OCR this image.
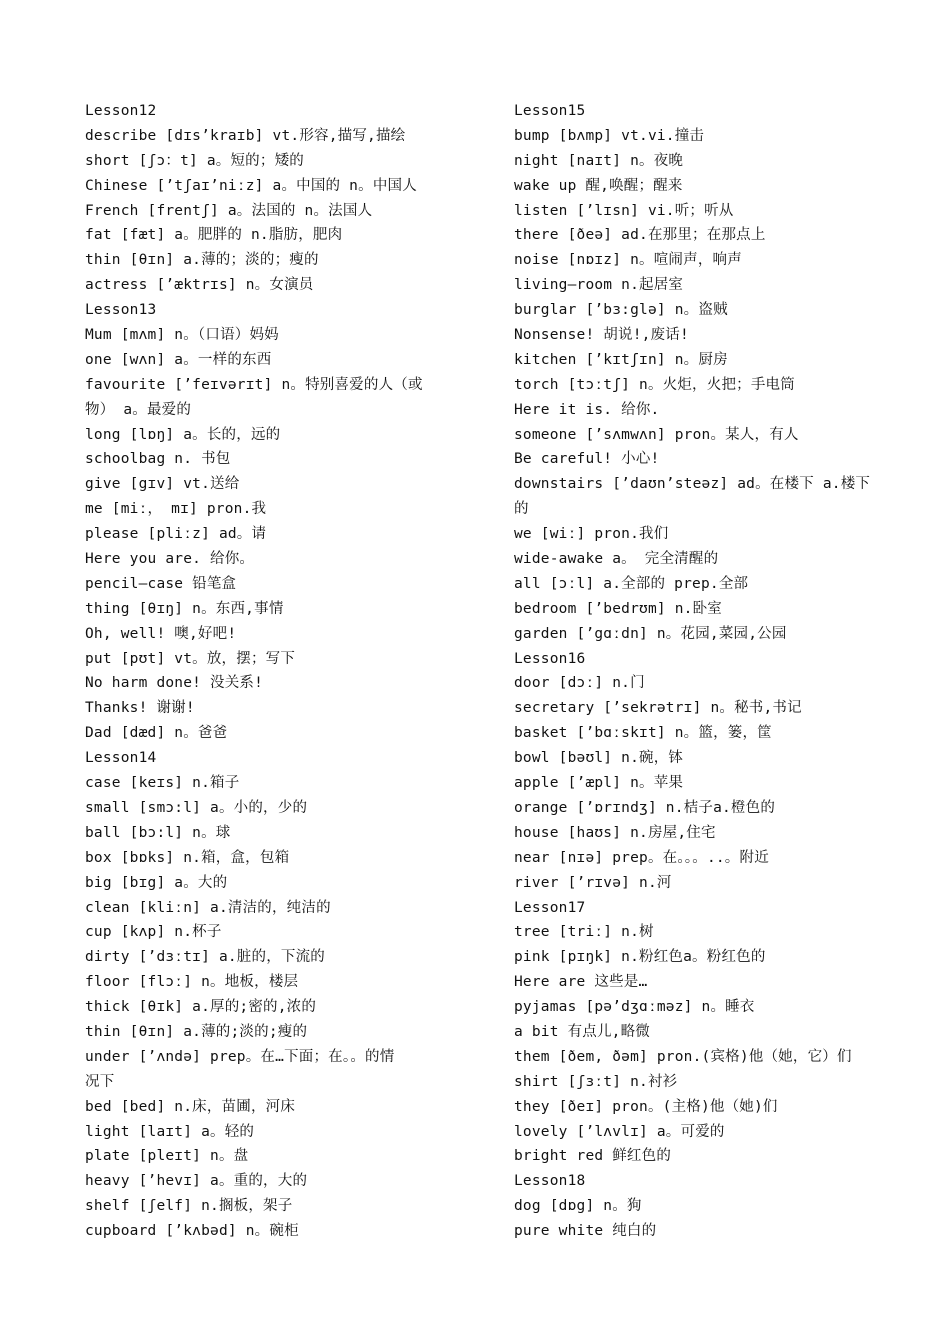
Lesson12
describe [dɪs’kraɪb] vt.形容,描写,描绘
short [ʃɔ：t] a。短的；矮的
Chinese [’tʃaɪ’niːz] a。中国的 n。中国人
French [frentʃ] a。法国的 n。法国人
fat [fæt] a。肥胖的 n.脂肪，肥肉
thin [θɪn] a.薄的；淡的；瘦的
actress [’æktrɪs] n。女演员
Lesson13
Mum [mʌm] n。（口语）妈妈
one [wʌn] a。一样的东西
favourite [’feɪvərɪt] n。特别喜爱的人（或
物） a。最爱的
long [lɒŋ] a。长的，远的
schoolbag n. 书包
give [gɪv] vt.送给
me [miː， mɪ] pron.我
please [pliːz] ad。请
Here you are. 给你。
pencil—case 铅笔盒
thing [θɪŋ] n。东西,事情
Oh, well! 噢,好吧!
put [pʊt] vt。放，摆；写下
No harm done! 没关系!
Thanks! 谢谢!
Dad [dæd] n。爸爸
Lesson14
case [keɪs] n.箱子
small [smɔ:l] a。小的，少的
ball [bɔ:l] n。球
box [bɒks] n.箱，盒，包箱
big [bɪg] a。大的
clean [kliːn] a.清洁的，纯洁的
cup [kʌp] n.杯子
dirty [’dɜːtɪ] a.脏的，下流的
floor [flɔː] n。地板，楼层
thick [θɪk] a.厚的;密的,浓的
thin [θɪn] a.薄的;淡的;瘦的
under [’ʌndə] prep。在…下面；在。。的情
况下
bed [bed] n.床，苗圃，河床
light [laɪt] a。轻的
plate [pleɪt] n。盘
heavy [’hevɪ] a。重的，大的
shelf [ʃelf] n.搁板，架子
cupboard [’kʌbəd] n。碗柜
Lesson15
bump [bʌmp] vt.vi.撞击
night [naɪt] n。夜晚
wake up 醒,唤醒；醒来
listen [’lɪsn] vi.听；听从
there [ðeə] ad.在那里；在那点上
noise [nɒɪz] n。喧闹声，响声
living—room n.起居室
burglar [’bɜ:glə] n。盗贼
Nonsense! 胡说!,废话!
kitchen [’kɪtʃɪn] n。厨房
torch [tɔːtʃ] n。火炬，火把；手电筒
Here it is. 给你.
someone [’sʌmwʌn] pron。某人，有人
Be careful! 小心!
downstairs [’daʊn’steəz] ad。在楼下 a.楼下
的
we [wiː] pron.我们
wide-awake a。 完全清醒的
all [ɔːl] a.全部的 prep.全部
bedroom [’bedrʊm] n.卧室
garden [’gɑːdn] n。花园,菜园,公园
Lesson16
door [dɔː] n.门
secretary [’sekrətrɪ] n。秘书,书记
basket [’bɑːskɪt] n。篮，篓，筐
bowl [bəʊl] n.碗，钵
apple [’æpl] n。苹果
orange [’ɒrɪndʒ] n.桔子a.橙色的
house [haʊs] n.房屋,住宅
near [nɪə] prep。在。。。..。附近
river [’rɪvə] n.河
Lesson17
tree [triː] n.树
pink [pɪŋk] n.粉红色a。粉红色的
Here are 这些是…
pyjamas [pə’dʒɑːməz] n。睡衣
a bit 有点儿,略微
them [ðem, ðəm] pron.(宾格)他（她，它）们
shirt [ʃɜːt] n.衬衫
they [ðeɪ] pron。(主格)他（她)们
lovely [’lʌvlɪ] a。可爱的
bright red 鲜红色的
Lesson18
dog [dɒg] n。狗
pure white 纯白的
